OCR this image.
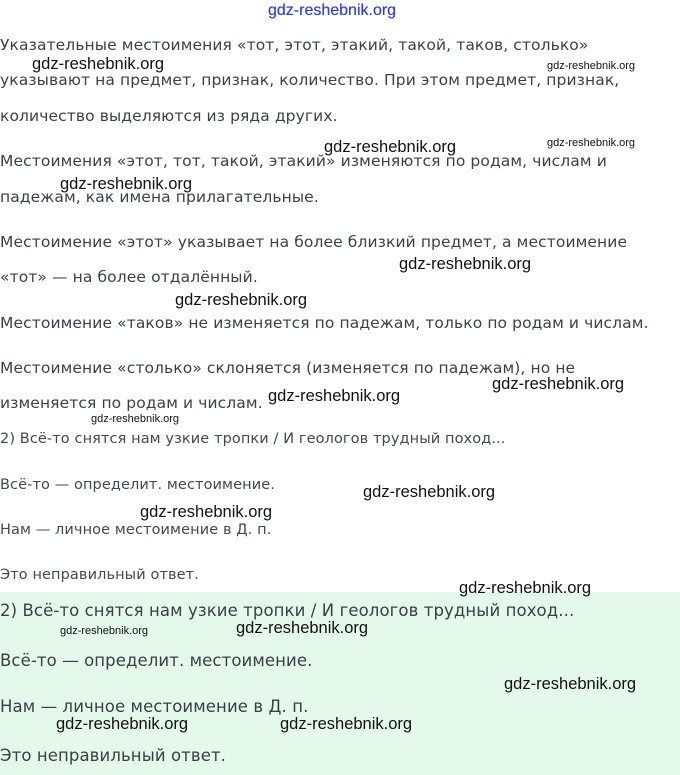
Указательные местоимения «тот, этот, этакий, такой, таков, столько»
указывают на предмет, признак, количество. При этом предмет, признак,
количество выделяются из ряда других.
Местоимения «этот, тот, такой, этакий» изменяются по родам, числам и
падежам, как имена прилагательные.
Местоимение «этот» указывает на более близкий предмет, а местоимение
«тот» — на более отдалённый.
Местоимение «таков» не изменяется по падежам, только по родам и числам.
Местоимение «столько» склоняется (изменяется по падежам), но не
изменяется по родам и числам.
2) Всё-то снятся нам узкие тропки / И геологов трудный поход...
Всё-то — определит. местоимение.
Нам — личное местоимение в Д. п.
Это неправильный ответ.
2) Всё-то снятся нам узкие тропки / И геологов трудный поход...
Всё-то — определит. местоимение.
Нам — личное местоимение в Д. п.
Это неправильный ответ.
gdz-reshebnik.org
gdz-reshebnik.org	gdz-reshebnik.org
gdz-reshebnik.org	gdz-reshebnik.org
gdz-reshebnik.org
gdz-reshebnik.org
gdz-reshebnik.org
gdz-reshebnik.org
gdz-reshebnik.org
gdz-reshebnik.org
gdz-reshebnik.org
gdz-reshebnik.org
gdz-reshebnik.org
gdz-reshebnik.org	gdz-reshebnik.org
gdz-reshebnik.org
gdz-reshebnik.org	gdz-reshebnik.org
